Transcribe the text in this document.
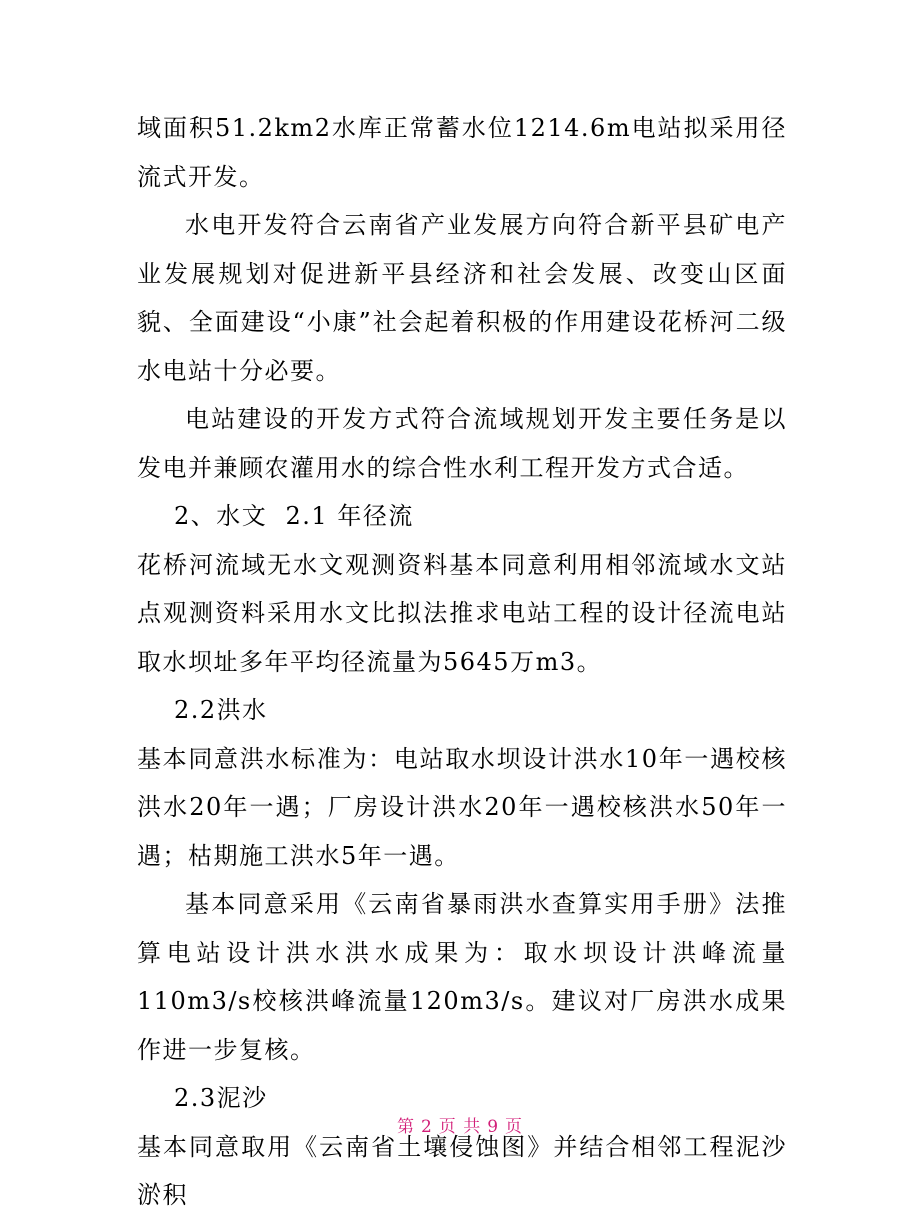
域面积51.2km2水库正常蓄水位1214.6m电站拟采用径流式开发。

水电开发符合云南省产业发展方向符合新平县矿电产业发展规划对促进新平县经济和社会发展、改变山区面貌、全面建设“小康”社会起着积极的作用建设花桥河二级水电站十分必要。

电站建设的开发方式符合流域规划开发主要任务是以发电并兼顾农灌用水的综合性水利工程开发方式合适。

2、水文  2.1 年径流

花桥河流域无水文观测资料基本同意利用相邻流域水文站点观测资料采用水文比拟法推求电站工程的设计径流电站取水坝址多年平均径流量为5645万m3。

2.2洪水

基本同意洪水标准为：电站取水坝设计洪水10年一遇校核洪水20年一遇；厂房设计洪水20年一遇校核洪水50年一遇；枯期施工洪水5年一遇。

基本同意采用《云南省暴雨洪水查算实用手册》法推算电站设计洪水洪水成果为：取水坝设计洪峰流量110m3/s校核洪峰流量120m3/s。建议对厂房洪水成果作进一步复核。

2.3泥沙

基本同意取用《云南省土壤侵蚀图》并结合相邻工程泥沙淤积

第 2 页 共 9 页
